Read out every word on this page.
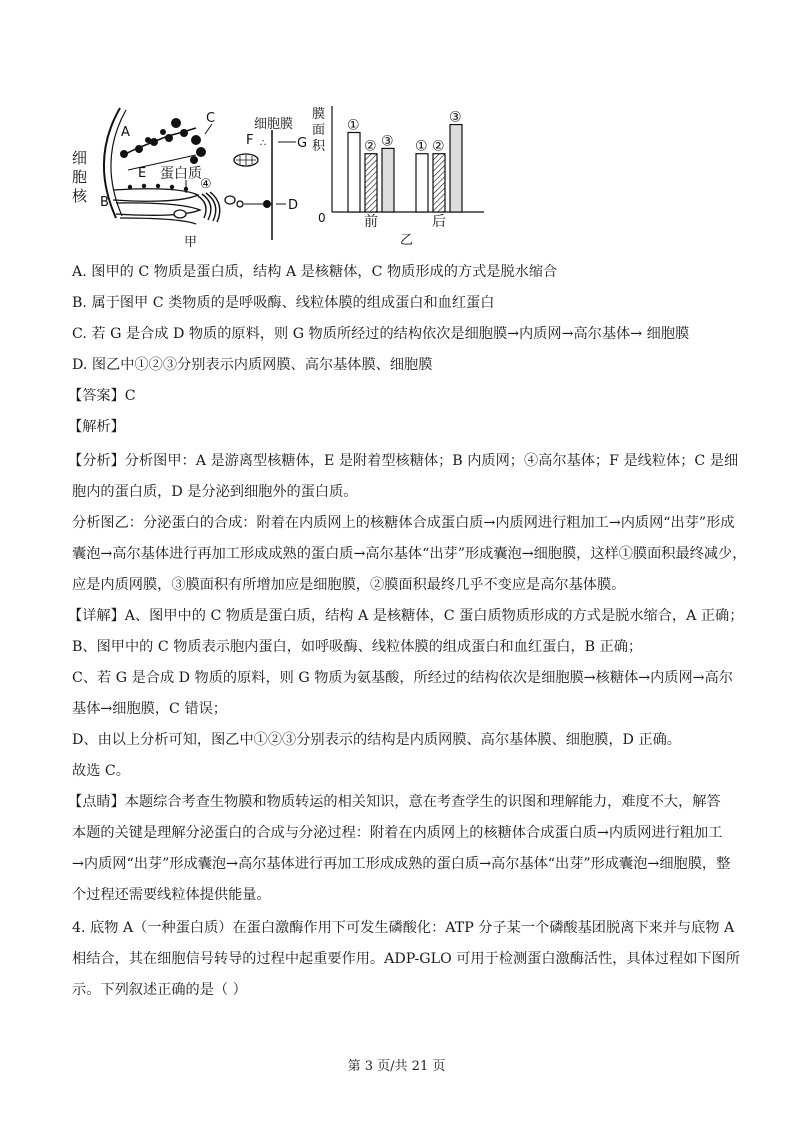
细
胞
核
A
C
E 蛋白质
B
④
F
细胞膜
∴ G
D
甲
膜
面
积
0
①
② ③ ① ②
③
前	后
乙
A. 图甲的 C 物质是蛋白质，结构 A 是核糖体，C 物质形成的方式是脱水缩合
B. 属于图甲 C 类物质的是呼吸酶、线粒体膜的组成蛋白和血红蛋白
C. 若 G 是合成 D 物质的原料，则 G 物质所经过的结构依次是细胞膜→内质网→高尔基体→ 细胞膜
D. 图乙中①②③分别表示内质网膜、高尔基体膜、细胞膜
【答案】C
【解析】
【分析】分析图甲：A 是游离型核糖体，E 是附着型核糖体；B 内质网；④高尔基体；F 是线粒体；C 是细
胞内的蛋白质，D 是分泌到细胞外的蛋白质。
分析图乙：分泌蛋白的合成：附着在内质网上的核糖体合成蛋白质→内质网进行粗加工→内质网“出芽”形成
囊泡→高尔基体进行再加工形成成熟的蛋白质→高尔基体“出芽”形成囊泡→细胞膜，这样①膜面积最终减少，
应是内质网膜，③膜面积有所增加应是细胞膜，②膜面积最终几乎不变应是高尔基体膜。
【详解】A、图甲中的 C 物质是蛋白质，结构 A 是核糖体，C 蛋白质物质形成的方式是脱水缩合，A 正确；
B、图甲中的 C 物质表示胞内蛋白，如呼吸酶、线粒体膜的组成蛋白和血红蛋白，B 正确；
C、若 G 是合成 D 物质的原料，则 G 物质为氨基酸，所经过的结构依次是细胞膜→核糖体→内质网→高尔
基体→细胞膜，C 错误；
D、由以上分析可知，图乙中①②③分别表示的结构是内质网膜、高尔基体膜、细胞膜，D 正确。
故选 C。
【点睛】本题综合考查生物膜和物质转运的相关知识，意在考查学生的识图和理解能力，难度不大，解答
本题的关键是理解分泌蛋白的合成与分泌过程：附着在内质网上的核糖体合成蛋白质→内质网进行粗加工
→内质网“出芽”形成囊泡→高尔基体进行再加工形成成熟的蛋白质→高尔基体“出芽”形成囊泡→细胞膜，整
个过程还需要线粒体提供能量。
4. 底物 A（一种蛋白质）在蛋白激酶作用下可发生磷酸化：ATP 分子某一个磷酸基团脱离下来并与底物 A
相结合，其在细胞信号转导的过程中起重要作用。ADP-GLO 可用于检测蛋白激酶活性，具体过程如下图所
示。下列叙述正确的是（ ）
第 3 页/共 21 页
